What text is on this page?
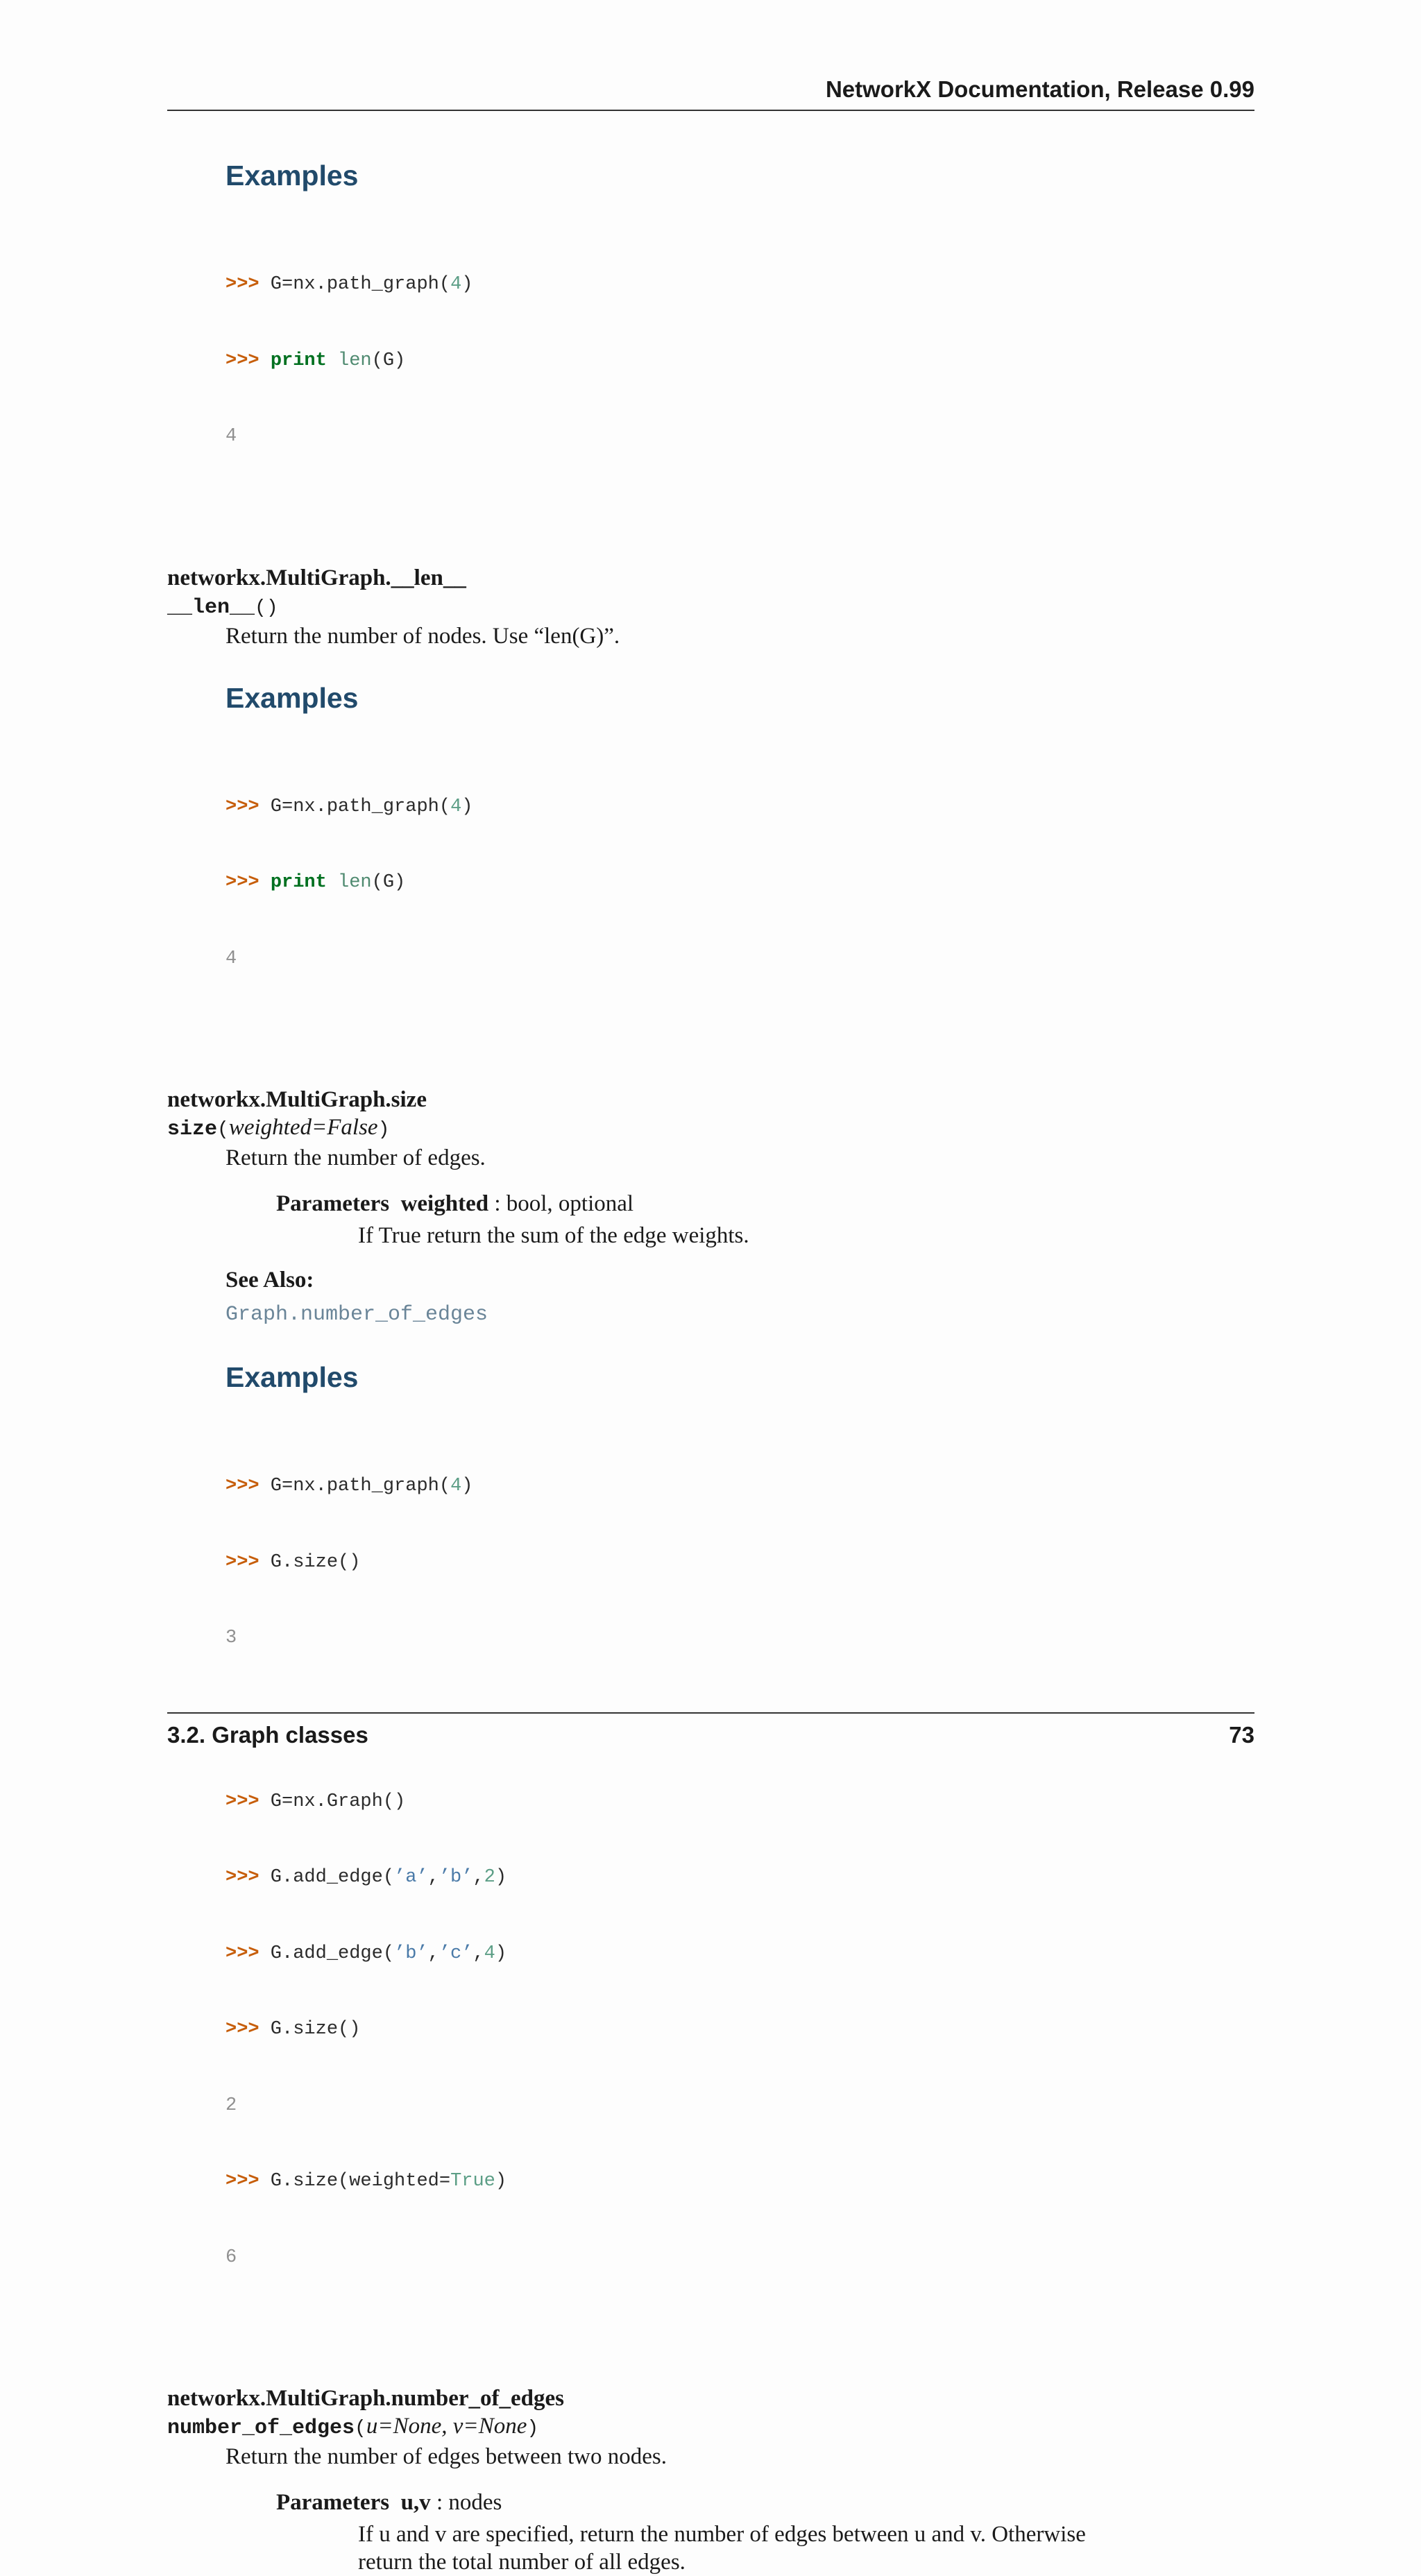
NetworkX Documentation, Release 0.99
Examples

>>> G=nx.path_graph(4)

>>> print len(G)

4

networkx.MultiGraph.__len__
__len__()
Return the number of nodes. Use “len(G)”.
Examples

>>> G=nx.path_graph(4)

>>> print len(G)

4

networkx.MultiGraph.size
size(weighted=False)
Return the number of edges.
Parameters weighted : bool, optional
If True return the sum of the edge weights.
See Also:
Graph.number_of_edges
Examples

>>> G=nx.path_graph(4)

>>> G.size()

3

>>> G=nx.Graph()

>>> G.add_edge(’a’,’b’,2)

>>> G.add_edge(’b’,’c’,4)

>>> G.size()

2

>>> G.size(weighted=True)

6

networkx.MultiGraph.number_of_edges
number_of_edges(u=None, v=None)
Return the number of edges between two nodes.
Parameters u,v : nodes
If u and v are specified, return the number of edges between u and v. Otherwise
return the total number of all edges.
3.2. Graph classes	73
